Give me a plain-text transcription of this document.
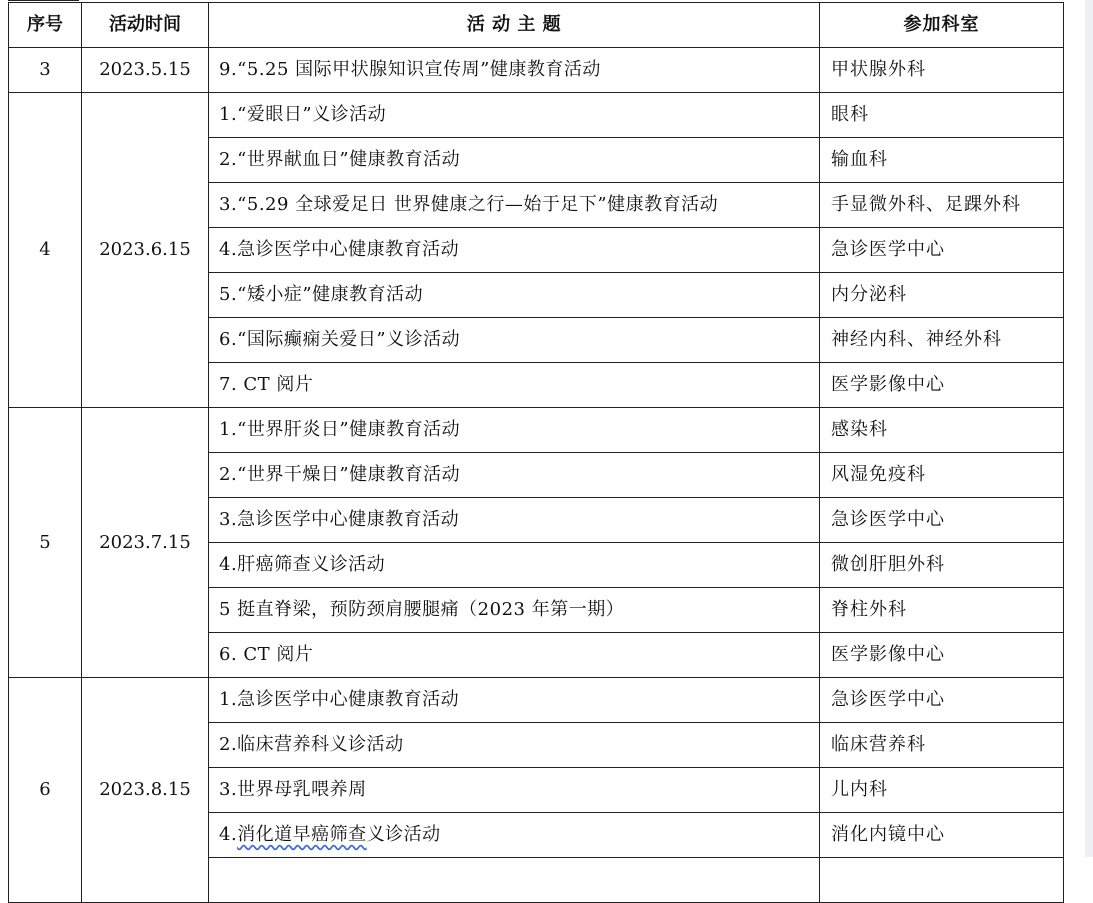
序号	活动时间	活 动 主 题	参加科室
3	2023.5.15	9.“5.25 国际甲状腺知识宣传周”健康教育活动	甲状腺外科
4	2023.6.15	1.“爱眼日”义诊活动	眼科
		2.“世界献血日”健康教育活动	输血科
		3.“5.29 全球爱足日 世界健康之行—始于足下”健康教育活动	手显微外科、足踝外科
		4.急诊医学中心健康教育活动	急诊医学中心
		5.“矮小症”健康教育活动	内分泌科
		6.“国际癫痫关爱日”义诊活动	神经内科、神经外科
		7. CT 阅片	医学影像中心
5	2023.7.15	1.“世界肝炎日”健康教育活动	感染科
		2.“世界干燥日”健康教育活动	风湿免疫科
		3.急诊医学中心健康教育活动	急诊医学中心
		4.肝癌筛查义诊活动	微创肝胆外科
		5 挺直脊梁，预防颈肩腰腿痛（2023 年第一期）	脊柱外科
		6. CT 阅片	医学影像中心
6	2023.8.15	1.急诊医学中心健康教育活动	急诊医学中心
		2.临床营养科义诊活动	临床营养科
		3.世界母乳喂养周	儿内科
		4.消化道早癌筛查义诊活动	消化内镜中心
